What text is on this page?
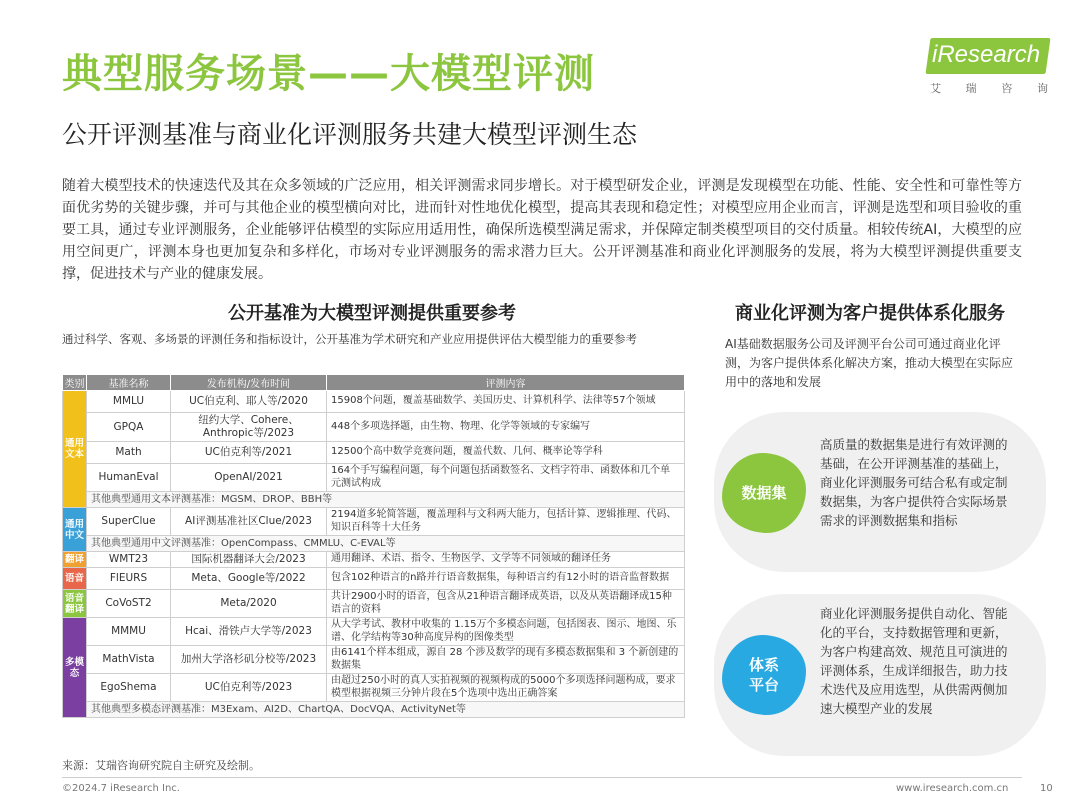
典型服务场景——大模型评测
公开评测基准与商业化评测服务共建大模型评测生态
iResearch
艾 瑞 咨 询

随着大模型技术的快速迭代及其在众多领域的广泛应用，相关评测需求同步增长。对于模型研发企业，评测是发现模型在功能、性能、安全性和可靠性等方面优劣势的关键步骤，并可与其他企业的模型横向对比，进而针对性地优化模型，提高其表现和稳定性；对模型应用企业而言，评测是选型和项目验收的重要工具，通过专业评测服务，企业能够评估模型的实际应用适用性，确保所选模型满足需求，并保障定制类模型项目的交付质量。相较传统AI，大模型的应用空间更广，评测本身也更加复杂和多样化，市场对专业评测服务的需求潜力巨大。公开评测基准和商业化评测服务的发展，将为大模型评测提供重要支撑，促进技术与产业的健康发展。

公开基准为大模型评测提供重要参考
通过科学、客观、多场景的评测任务和指标设计，公开基准为学术研究和产业应用提供评估大模型能力的重要参考
类别	基准名称	发布机构/发布时间	评测内容
通用文本	MMLU	UC伯克利、耶人等/2020	15908个问题，覆盖基础数学、美国历史、计算机科学、法律等57个领域
	GPQA	纽约大学、Cohere、Anthropic等/2023	448个多项选择题，由生物、物理、化学等领域的专家编写
	Math	UC伯克利等/2021	12500个高中数学竞赛问题，覆盖代数、几何、概率论等学科
	HumanEval	OpenAI/2021	164个手写编程问题，每个问题包括函数签名、文档字符串、函数体和几个单元测试构成
	其他典型通用文本评测基准：MGSM、DROP、BBH等		
通用中文	SuperClue	AI评测基准社区Clue/2023	2194道多轮简答题，覆盖理科与文科两大能力，包括计算、逻辑推理、代码、知识百科等十大任务
	其他典型通用中文评测基准：OpenCompass、CMMLU、C-EVAL等		
翻译	WMT23	国际机器翻译大会/2023	通用翻译、术语、指令、生物医学、文学等不同领域的翻译任务
语音	FlEURS	Meta、Google等/2022	包含102种语言的n路并行语音数据集，每种语言约有12小时的语音监督数据
语音翻译	CoVoST2	Meta/2020	共计2900小时的语音，包含从21种语言翻译成英语，以及从英语翻译成15种语言的资料
多模态	MMMU	Hcai、滑铁卢大学等/2023	从大学考试、教材中收集的 1.15万个多模态问题，包括图表、图示、地图、乐谱、化学结构等30种高度异构的图像类型
	MathVista	加州大学洛杉矶分校等/2023	由6141个样本组成，源自 28 个涉及数学的现有多模态数据集和 3 个新创建的数据集
	EgoShema	UC伯克利等/2023	由超过250小时的真人实拍视频的视频构成的5000个多项选择问题构成，要求模型根据视频三分钟片段在5个选项中选出正确答案
	其他典型多模态评测基准：M3Exam、AI2D、ChartQA、DocVQA、ActivityNet等		
来源：艾瑞咨询研究院自主研究及绘制。
商业化评测为客户提供体系化服务
AI基础数据服务公司及评测平台公司可通过商业化评测，为客户提供体系化解决方案，推动大模型在实际应用中的落地和发展
数据集
高质量的数据集是进行有效评测的基础，在公开评测基准的基础上，商业化评测服务可结合私有或定制数据集，为客户提供符合实际场景需求的评测数据集和指标
体系平台
商业化评测服务提供自动化、智能化的平台，支持数据管理和更新，为客户构建高效、规范且可演进的评测体系，生成详细报告，助力技术迭代及应用选型，从供需两侧加速大模型产业的发展
©2024.7 iResearch Inc.	www.iresearch.com.cn	10
